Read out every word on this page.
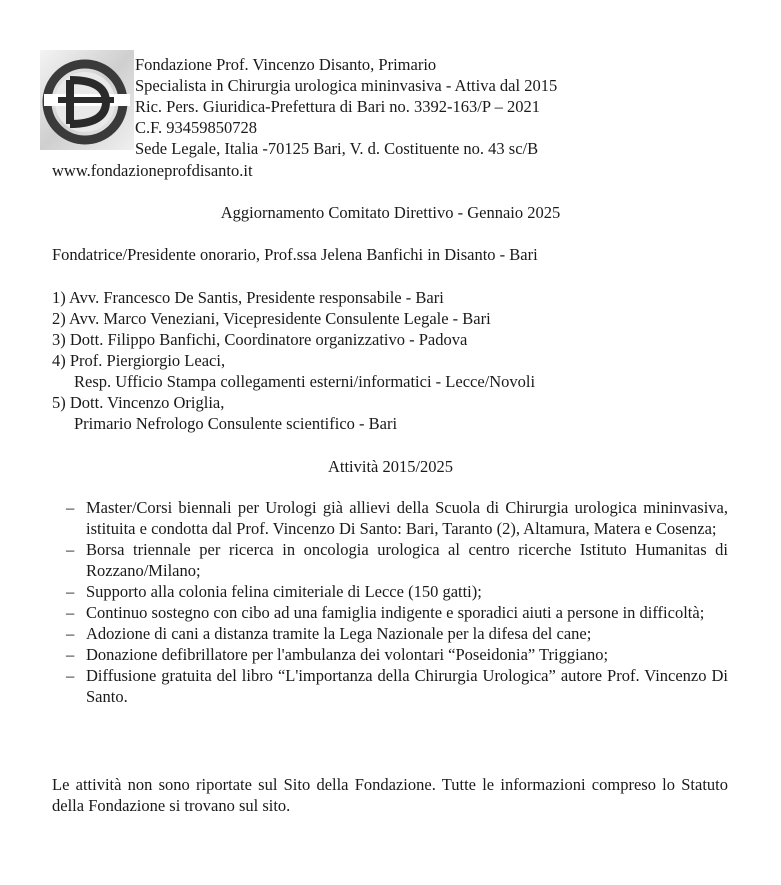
Fondazione Prof. Vincenzo Disanto, Primario
Specialista in Chirurgia urologica mininvasiva - Attiva dal 2015
Ric. Pers. Giuridica-Prefettura di Bari no. 3392-163/P – 2021
C.F. 93459850728
Sede Legale, Italia -70125 Bari, V. d. Costituente no. 43 sc/B
www.fondazioneprofdisanto.it
Aggiornamento Comitato Direttivo - Gennaio 2025
Fondatrice/Presidente onorario, Prof.ssa Jelena Banfichi in Disanto - Bari
1) Avv. Francesco De Santis, Presidente responsabile - Bari
2) Avv. Marco Veneziani, Vicepresidente Consulente Legale - Bari
3) Dott. Filippo Banfichi, Coordinatore organizzativo - Padova
4) Prof. Piergiorgio Leaci,
Resp. Ufficio Stampa collegamenti esterni/informatici - Lecce/Novoli
5) Dott. Vincenzo Origlia,
Primario Nefrologo Consulente scientifico - Bari
Attività 2015/2025
– Master/Corsi biennali per Urologi già allievi della Scuola di Chirurgia urologica mininvasiva, istituita e condotta dal Prof. Vincenzo Di Santo: Bari, Taranto (2), Altamura, Matera e Cosenza;
– Borsa triennale per ricerca in oncologia urologica al centro ricerche Istituto Humanitas di Rozzano/Milano;
– Supporto alla colonia felina cimiteriale di Lecce (150 gatti);
– Continuo sostegno con cibo ad una famiglia indigente e sporadici aiuti a persone in difficoltà;
– Adozione di cani a distanza tramite la Lega Nazionale per la difesa del cane;
– Donazione defibrillatore per l'ambulanza dei volontari “Poseidonia” Triggiano;
– Diffusione gratuita del libro “L'importanza della Chirurgia Urologica” autore Prof. Vincenzo Di Santo.
Le attività non sono riportate sul Sito della Fondazione. Tutte le informazioni compreso lo Statuto della Fondazione si trovano sul sito.
